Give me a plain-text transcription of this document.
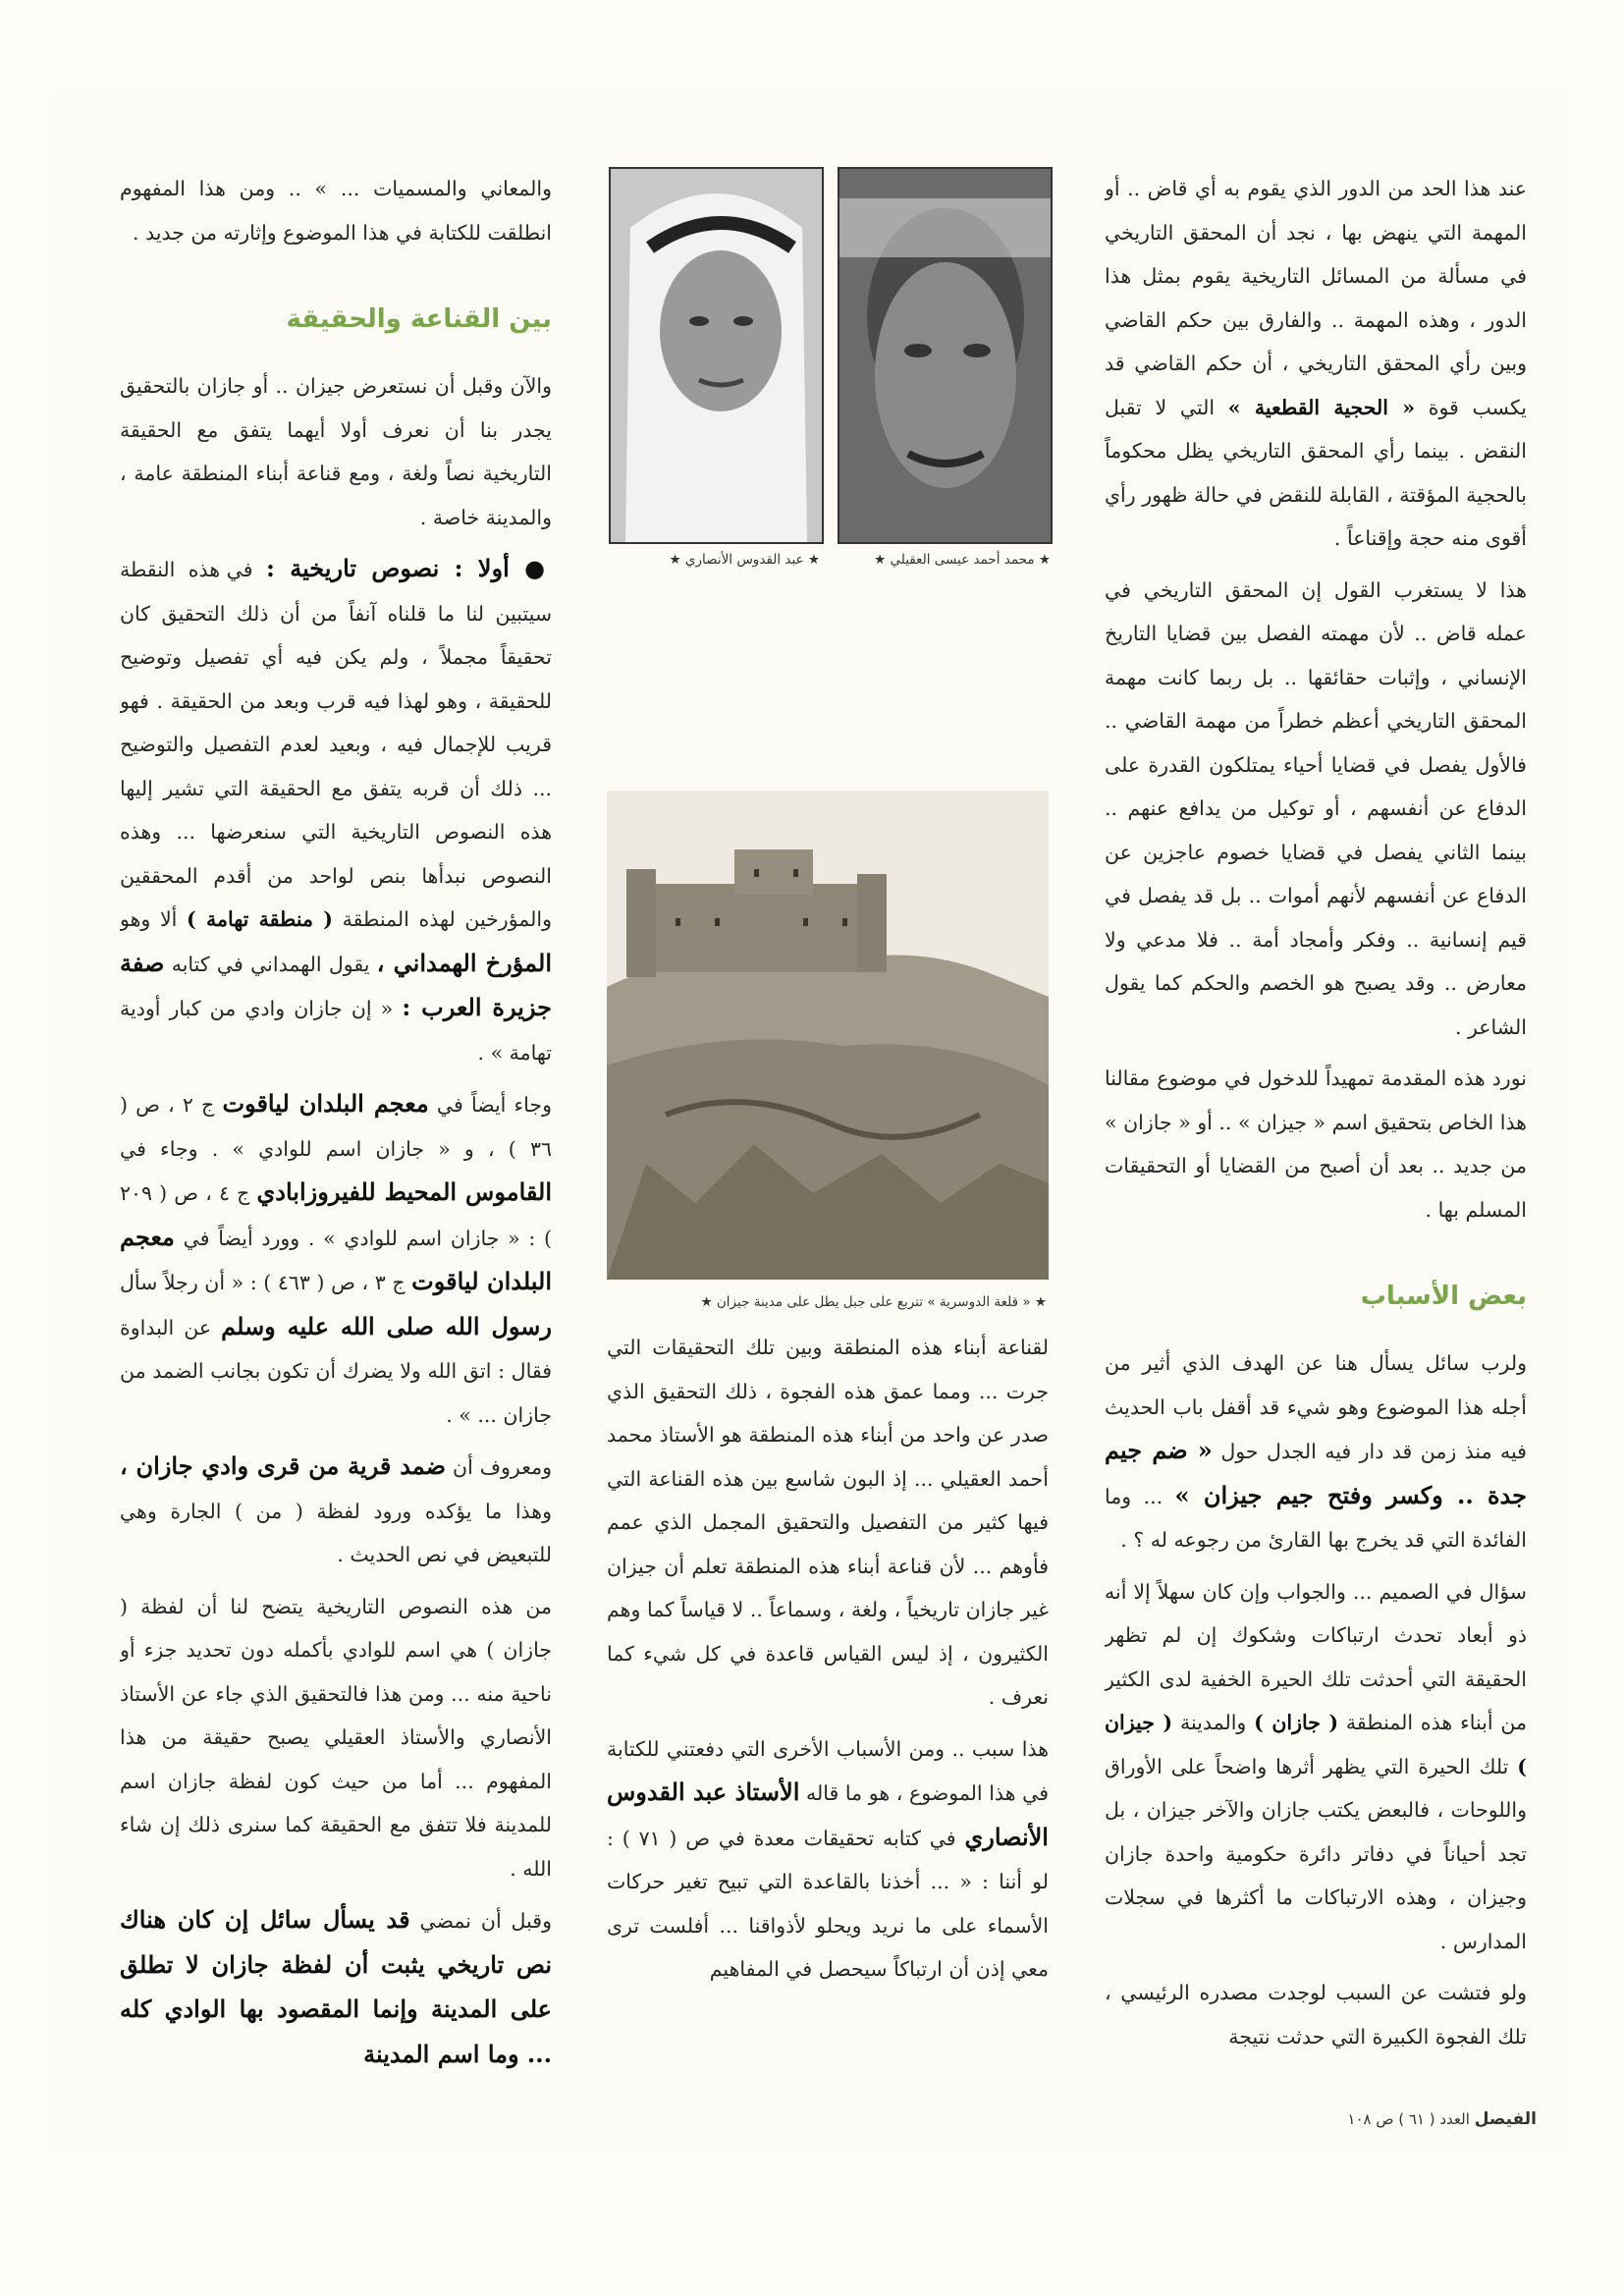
عند هذا الحد من الدور الذي يقوم به أي قاض .. أو المهمة التي ينهض بها ، نجد أن المحقق التاريخي في مسألة من المسائل التاريخية يقوم بمثل هذا الدور ، وهذه المهمة .. والفارق بين حكم القاضي وبين رأي المحقق التاريخي ، أن حكم القاضي قد يكسب قوة « الحجية القطعية » التي لا تقبل النقض . بينما رأي المحقق التاريخي يظل محكوماً بالحجية المؤقتة ، القابلة للنقض في حالة ظهور رأي أقوى منه حجة وإقناعاً .

هذا لا يستغرب القول إن المحقق التاريخي في عمله قاض .. لأن مهمته الفصل بين قضايا التاريخ الإنساني ، وإثبات حقائقها .. بل ربما كانت مهمة المحقق التاريخي أعظم خطراً من مهمة القاضي .. فالأول يفصل في قضايا أحياء يمتلكون القدرة على الدفاع عن أنفسهم ، أو توكيل من يدافع عنهم .. بينما الثاني يفصل في قضايا خصوم عاجزين عن الدفاع عن أنفسهم لأنهم أموات .. بل قد يفصل في قيم إنسانية .. وفكر وأمجاد أمة .. فلا مدعي ولا معارض .. وقد يصبح هو الخصم والحكم كما يقول الشاعر .

نورد هذه المقدمة تمهيداً للدخول في موضوع مقالنا هذا الخاص بتحقيق اسم « جيزان » .. أو « جازان » من جديد .. بعد أن أصبح من القضايا أو التحقيقات المسلم بها .

بعض الأسباب

ولرب سائل يسأل هنا عن الهدف الذي أثير من أجله هذا الموضوع وهو شيء قد أقفل باب الحديث فيه منذ زمن قد دار فيه الجدل حول « ضم جيم جدة .. وكسر وفتح جيم جيزان » ... وما الفائدة التي قد يخرج بها القارئ من رجوعه له ؟ .

سؤال في الصميم ... والجواب وإن كان سهلاً إلا أنه ذو أبعاد تحدث ارتباكات وشكوك إن لم تظهر الحقيقة التي أحدثت تلك الحيرة الخفية لدى الكثير من أبناء هذه المنطقة ( جازان ) والمدينة ( جيزان ) تلك الحيرة التي يظهر أثرها واضحاً على الأوراق واللوحات ، فالبعض يكتب جازان والآخر جيزان ، بل تجد أحياناً في دفاتر دائرة حكومية واحدة جازان وجيزان ، وهذه الارتباكات ما أكثرها في سجلات المدارس .

ولو فتشت عن السبب لوجدت مصدره الرئيسي ، تلك الفجوة الكبيرة التي حدثت نتيجة

★ محمد أحمد عيسى العقيلي ★
★ عبد القدوس الأنصاري ★
★ « قلعة الدوسرية » تتربع على جبل يطل على مدينة جيزان ★

لقناعة أبناء هذه المنطقة وبين تلك التحقيقات التي جرت ... ومما عمق هذه الفجوة ، ذلك التحقيق الذي صدر عن واحد من أبناء هذه المنطقة هو الأستاذ محمد أحمد العقيلي ... إذ البون شاسع بين هذه القناعة التي فيها كثير من التفصيل والتحقيق المجمل الذي عمم فأوهم ... لأن قناعة أبناء هذه المنطقة تعلم أن جيزان غير جازان تاريخياً ، ولغة ، وسماعاً .. لا قياساً كما وهم الكثيرون ، إذ ليس القياس قاعدة في كل شيء كما نعرف .

هذا سبب .. ومن الأسباب الأخرى التي دفعتني للكتابة في هذا الموضوع ، هو ما قاله الأستاذ عبد القدوس الأنصاري في كتابه تحقيقات معدة في ص ( ٧١ ) : لو أننا : « ... أخذنا بالقاعدة التي تبيح تغير حركات الأسماء على ما نريد ويحلو لأذواقنا ... أفلست ترى معي إذن أن ارتباكاً سيحصل في المفاهيم

والمعاني والمسميات ... » .. ومن هذا المفهوم انطلقت للكتابة في هذا الموضوع وإثارته من جديد .

بين القناعة والحقيقة

والآن وقبل أن نستعرض جيزان .. أو جازان بالتحقيق يجدر بنا أن نعرف أولا أيهما يتفق مع الحقيقة التاريخية نصاً ولغة ، ومع قناعة أبناء المنطقة عامة ، والمدينة خاصة .

● أولا : نصوص تاريخية : في هذه النقطة سيتبين لنا ما قلناه آنفاً من أن ذلك التحقيق كان تحقيقاً مجملاً ، ولم يكن فيه أي تفصيل وتوضيح للحقيقة ، وهو لهذا فيه قرب وبعد من الحقيقة . فهو قريب للإجمال فيه ، وبعيد لعدم التفصيل والتوضيح ... ذلك أن قربه يتفق مع الحقيقة التي تشير إليها هذه النصوص التاريخية التي سنعرضها ... وهذه النصوص نبدأها بنص لواحد من أقدم المحققين والمؤرخين لهذه المنطقة ( منطقة تهامة ) ألا وهو المؤرخ الهمداني ، يقول الهمداني في كتابه صفة جزيرة العرب : « إن جازان وادي من كبار أودية تهامة » .

وجاء أيضاً في معجم البلدان لياقوت ج ٢ ، ص ( ٣٦ ) ، و « جازان اسم للوادي » . وجاء في القاموس المحيط للفيروزابادي ج ٤ ، ص ( ٢٠٩ ) : « جازان اسم للوادي » . وورد أيضاً في معجم البلدان لياقوت ج ٣ ، ص ( ٤٦٣ ) : « أن رجلاً سأل رسول الله صلى الله عليه وسلم عن البداوة فقال : اتق الله ولا يضرك أن تكون بجانب الضمد من جازان ... » .

ومعروف أن ضمد قرية من قرى وادي جازان ، وهذا ما يؤكده ورود لفظة ( من ) الجارة وهي للتبعيض في نص الحديث .

من هذه النصوص التاريخية يتضح لنا أن لفظة ( جازان ) هي اسم للوادي بأكمله دون تحديد جزء أو ناحية منه ... ومن هذا فالتحقيق الذي جاء عن الأستاذ الأنصاري والأستاذ العقيلي يصبح حقيقة من هذا المفهوم ... أما من حيث كون لفظة جازان اسم للمدينة فلا تتفق مع الحقيقة كما سنرى ذلك إن شاء الله .

وقبل أن نمضي قد يسأل سائل إن كان هناك نص تاريخي يثبت أن لفظة جازان لا تطلق على المدينة وإنما المقصود بها الوادي كله ... وما اسم المدينة

الفيصل العدد ( ٦١ ) ص ١٠٨
